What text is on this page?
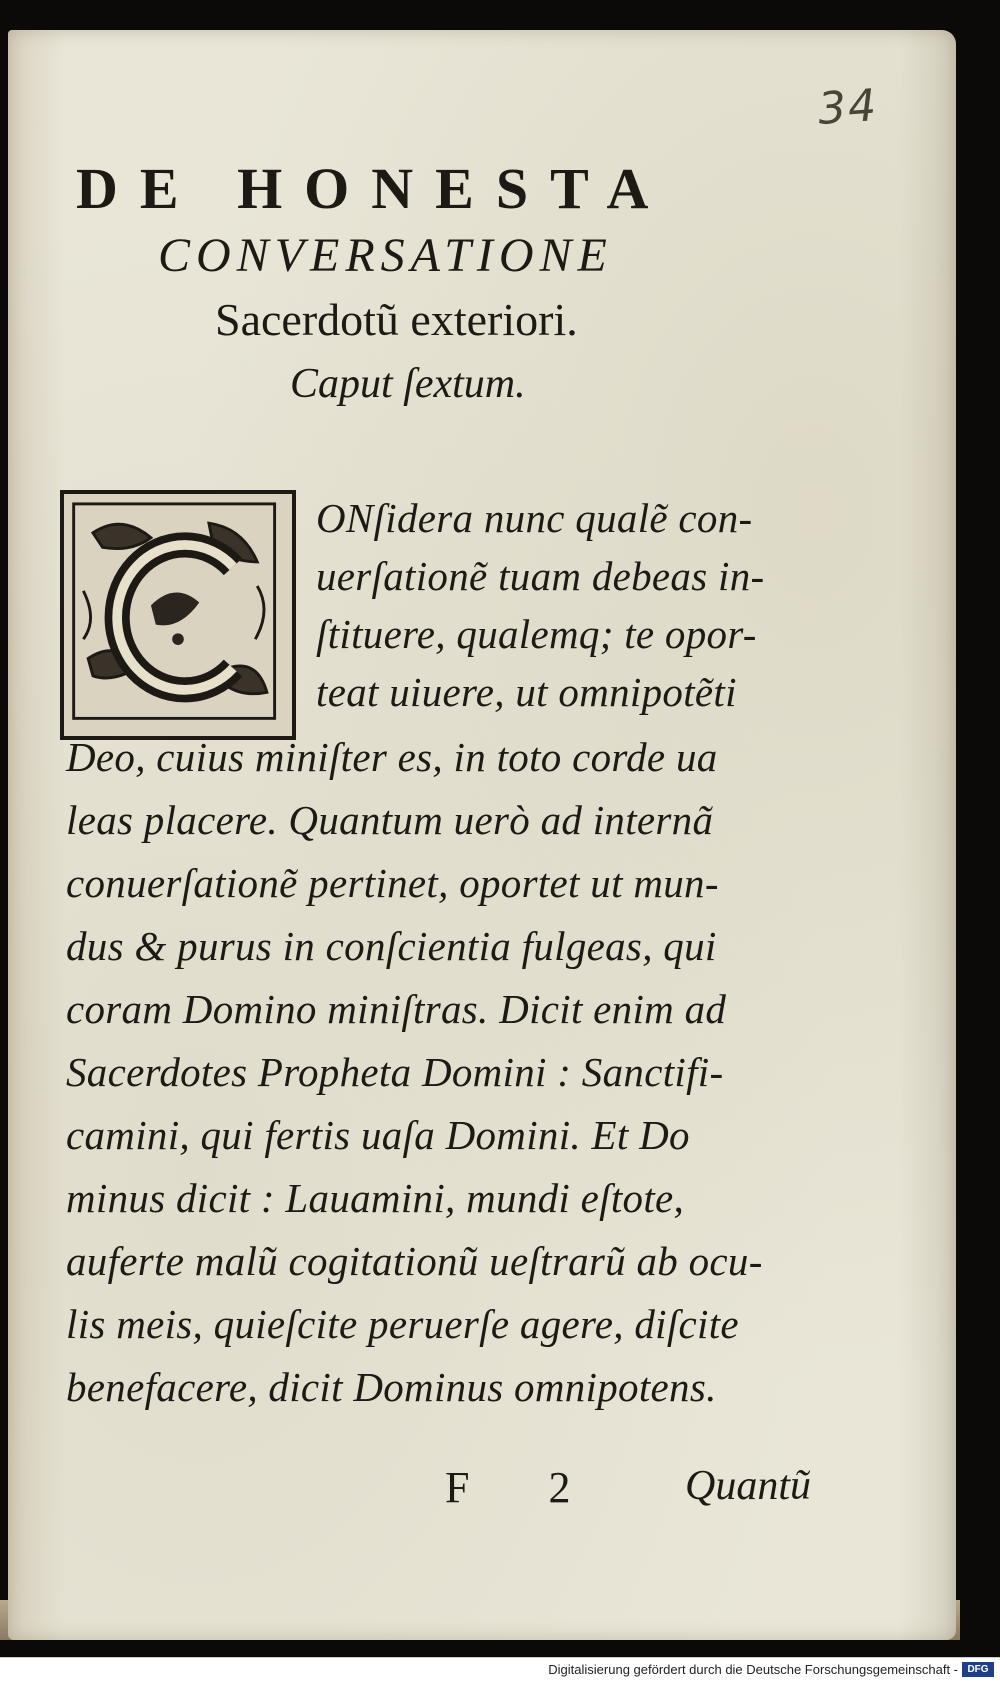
34
DE HONESTA
CONVERSATIONE
Sacerdotũ exteriori.
Caput ſextum.
ONſidera nunc qualẽ con-
uerſationẽ tuam debeas in-
ſtituere, qualemq; te opor-
teat uiuere, ut omnipotẽti
Deo, cuius miniſter es, in toto corde ua
leas placere. Quantum uerò ad internã
conuerſationẽ pertinet, oportet ut mun-
dus & purus in conſcientia fulgeas, qui
coram Domino miniſtras. Dicit enim ad
Sacerdotes Propheta Domini : Sanctifi-
camini, qui fertis uaſa Domini. Et Do
minus dicit : Lauamini, mundi eſtote,
auferte malũ cogitationũ ueſtrarũ ab ocu-
lis meis, quieſcite peruerſe agere, diſcite
benefacere, dicit Dominus omnipotens.
F 2 Quantũ
Digitalisierung gefördert durch die Deutsche Forschungsgemeinschaft - DFG
